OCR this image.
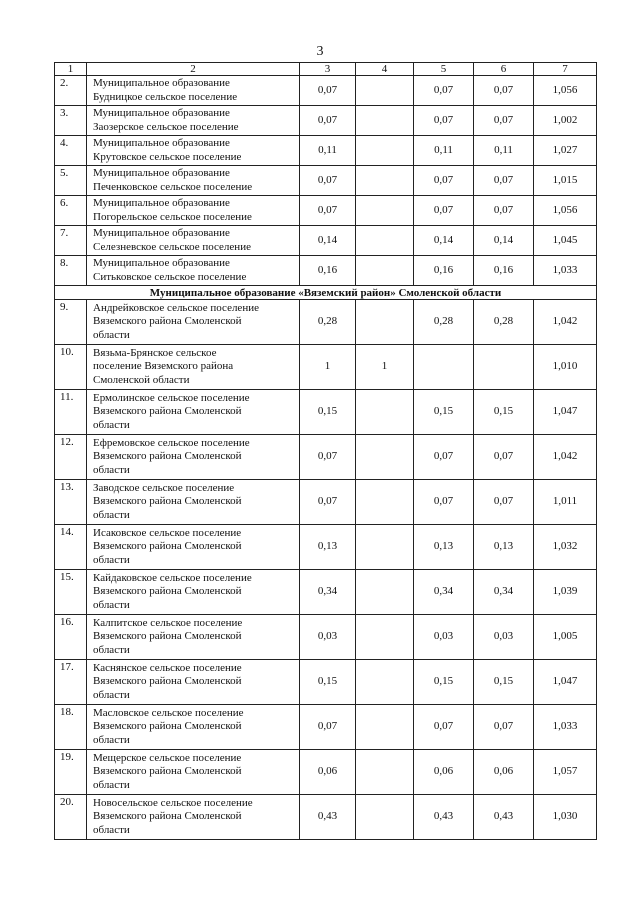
3
1	2	3	4	5	6	7
2.	Муниципальное образование
Будницкое сельское поселение	0,07		0,07	0,07	1,056
3.	Муниципальное образование
Заозерское сельское поселение	0,07		0,07	0,07	1,002
4.	Муниципальное образование
Крутовское сельское поселение	0,11		0,11	0,11	1,027
5.	Муниципальное образование
Печенковское сельское поселение	0,07		0,07	0,07	1,015
6.	Муниципальное образование
Погорельское сельское поселение	0,07		0,07	0,07	1,056
7.	Муниципальное образование
Селезневское сельское поселение	0,14		0,14	0,14	1,045
8.	Муниципальное образование
Ситьковское сельское поселение	0,16		0,16	0,16	1,033
Муниципальное образование «Вяземский район» Смоленской области						
9.	Андрейковское сельское поселение
Вяземского района Смоленской
области	0,28		0,28	0,28	1,042
10.	Вязьма-Брянское сельское
поселение Вяземского района
Смоленской области	1	1			1,010
11.	Ермолинское сельское поселение
Вяземского района Смоленской
области	0,15		0,15	0,15	1,047
12.	Ефремовское сельское поселение
Вяземского района Смоленской
области	0,07		0,07	0,07	1,042
13.	Заводское сельское поселение
Вяземского района Смоленской
области	0,07		0,07	0,07	1,011
14.	Исаковское сельское поселение
Вяземского района Смоленской
области	0,13		0,13	0,13	1,032
15.	Кайдаковское сельское поселение
Вяземского района Смоленской
области	0,34		0,34	0,34	1,039
16.	Калпитское сельское поселение
Вяземского района Смоленской
области	0,03		0,03	0,03	1,005
17.	Каснянское сельское поселение
Вяземского района Смоленской
области	0,15		0,15	0,15	1,047
18.	Масловское сельское поселение
Вяземского района Смоленской
области	0,07		0,07	0,07	1,033
19.	Мещерское сельское поселение
Вяземского района Смоленской
области	0,06		0,06	0,06	1,057
20.	Новосельское сельское поселение
Вяземского района Смоленской
области	0,43		0,43	0,43	1,030
